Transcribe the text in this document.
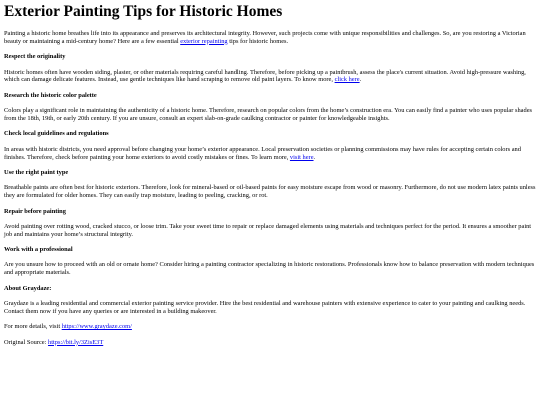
Exterior Painting Tips for Historic Homes

Painting a historic home breathes life into its appearance and preserves its architectural integrity. However, such projects come with unique responsibilities and challenges. So, are you restoring a Victorian beauty or maintaining a mid-century home? Here are a few essential exterior repainting tips for historic homes.

Respect the originality

Historic homes often have wooden siding, plaster, or other materials requiring careful handling. Therefore, before picking up a paintbrush, assess the place's current situation. Avoid high-pressure washing, which can damage delicate features. Instead, use gentle techniques like hand scraping to remove old paint layers. To know more, click here.

Research the historic color palette

Colors play a significant role in maintaining the authenticity of a historic home. Therefore, research on popular colors from the home’s construction era. You can easily find a painter who uses popular shades from the 18th, 19th, or early 20th century. If you are unsure, consult an expert slab-on-grade caulking contractor or painter for knowledgeable insights.

Check local guidelines and regulations

In areas with historic districts, you need approval before changing your home’s exterior appearance. Local preservation societies or planning commissions may have rules for accepting certain colors and finishes. Therefore, check before painting your home exteriors to avoid costly mistakes or fines. To learn more, visit here.

Use the right paint type

Breathable paints are often best for historic exteriors. Therefore, look for mineral-based or oil-based paints for easy moisture escape from wood or masonry. Furthermore, do not use modern latex paints unless they are formulated for older homes. They can easily trap moisture, leading to peeling, cracking, or rot.

Repair before painting

Avoid painting over rotting wood, cracked stucco, or loose trim. Take your sweet time to repair or replace damaged elements using materials and techniques perfect for the period. It ensures a smoother paint job and maintains your home’s structural integrity.

Work with a professional

Are you unsure how to proceed with an old or ornate home? Consider hiring a painting contractor specializing in historic restorations. Professionals know how to balance preservation with modern techniques and appropriate materials.

About Graydaze:

Graydaze is a leading residential and commercial exterior painting service provider. Hire the best residential and warehouse painters with extensive experience to cater to your painting and caulking needs. Contact them now if you have any queries or are interested in a building makeover.

For more details, visit https://www.graydaze.com/

Original Source: https://bit.ly/3ZisE3T
